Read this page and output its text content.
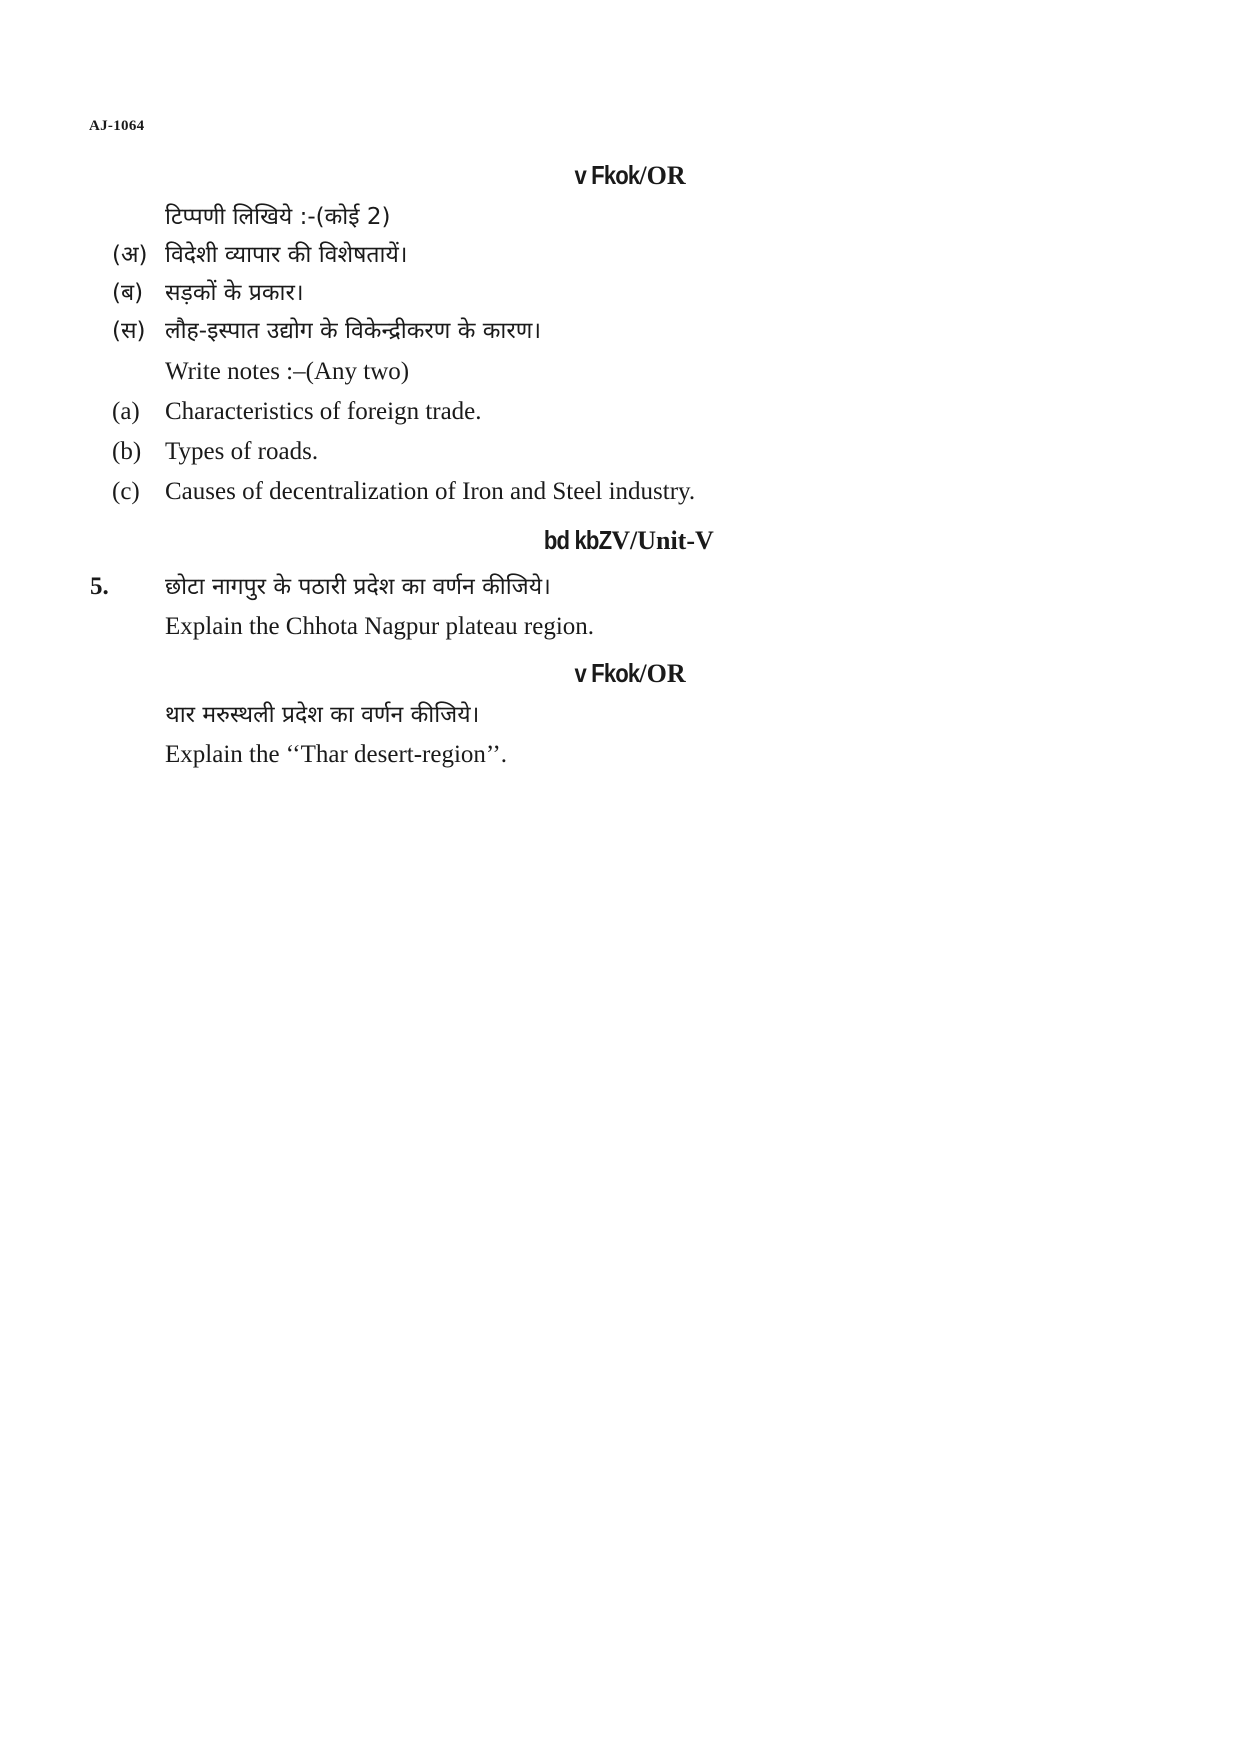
AJ-1064
v Fkok/OR
टिप्पणी लिखिये :-(कोई 2)
(अ) विदेशी व्यापार की विशेषतायें।
(ब) सड़कों के प्रकार।
(स) लौह-इस्पात उद्योग के विकेन्द्रीकरण के कारण।
Write notes :–(Any two)
(a) Characteristics of foreign trade.
(b) Types of roads.
(c) Causes of decentralization of Iron and Steel industry.
bd kbZV/Unit-V
5. छोटा नागपुर के पठारी प्रदेश का वर्णन कीजिये।
Explain the Chhota Nagpur plateau region.
v Fkok/OR
थार मरुस्थली प्रदेश का वर्णन कीजिये।
Explain the ‘‘Thar desert-region’’.
